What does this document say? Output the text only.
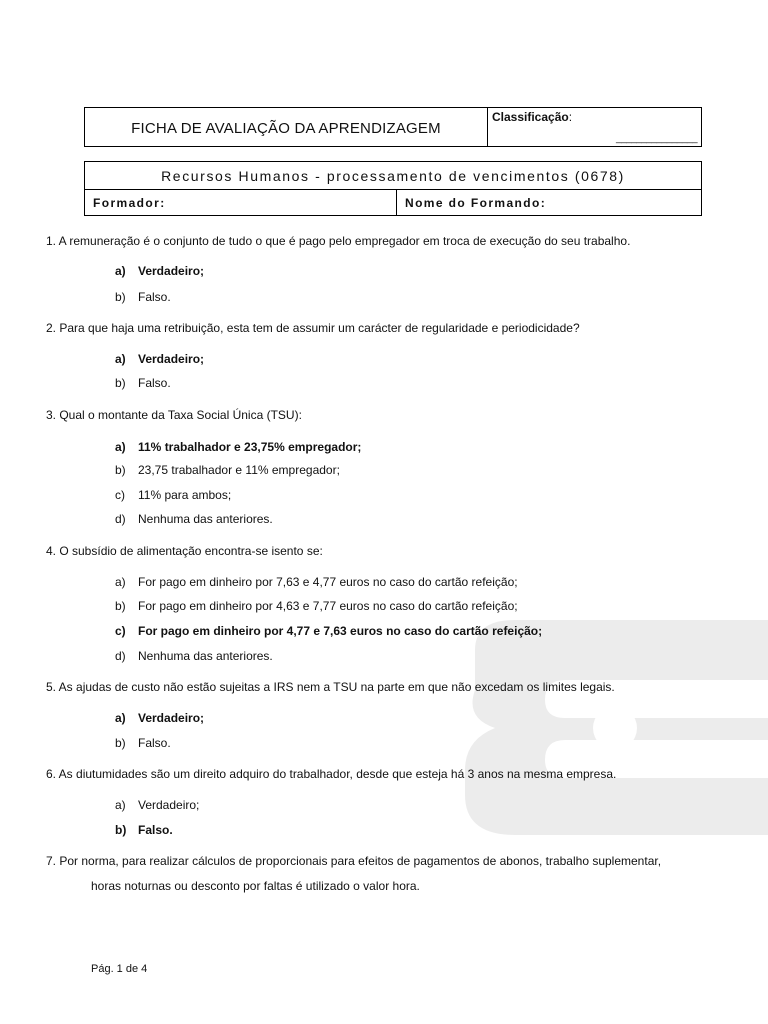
FICHA DE AVALIAÇÃO DA APRENDIZAGEM
Classificação:
________________
Recursos Humanos - processamento de vencimentos (0678)
Formador:	Nome do Formando:
1. A remuneração é o conjunto de tudo o que é pago pelo empregador em troca de execução do seu trabalho.
a) Verdadeiro;
b) Falso.
2. Para que haja uma retribuição, esta tem de assumir um carácter de regularidade e periodicidade?
a) Verdadeiro;
b) Falso.
3. Qual o montante da Taxa Social Única (TSU):
a) 11% trabalhador e 23,75% empregador;
b) 23,75 trabalhador e 11% empregador;
c) 11% para ambos;
d) Nenhuma das anteriores.
4. O subsídio de alimentação encontra-se isento se:
a) For pago em dinheiro por 7,63 e 4,77 euros no caso do cartão refeição;
b) For pago em dinheiro por 4,63 e 7,77 euros no caso do cartão refeição;
c) For pago em dinheiro por 4,77 e 7,63 euros no caso do cartão refeição;
d) Nenhuma das anteriores.
5. As ajudas de custo não estão sujeitas a IRS nem a TSU na parte em que não excedam os limites legais.
a) Verdadeiro;
b) Falso.
6. As diutumidades são um direito adquiro do trabalhador, desde que esteja há 3 anos na mesma empresa.
a) Verdadeiro;
b) Falso.
7. Por norma, para realizar cálculos de proporcionais para efeitos de pagamentos de abonos, trabalho suplementar,
horas noturnas ou desconto por faltas é utilizado o valor hora.
Pág. 1 de 4
